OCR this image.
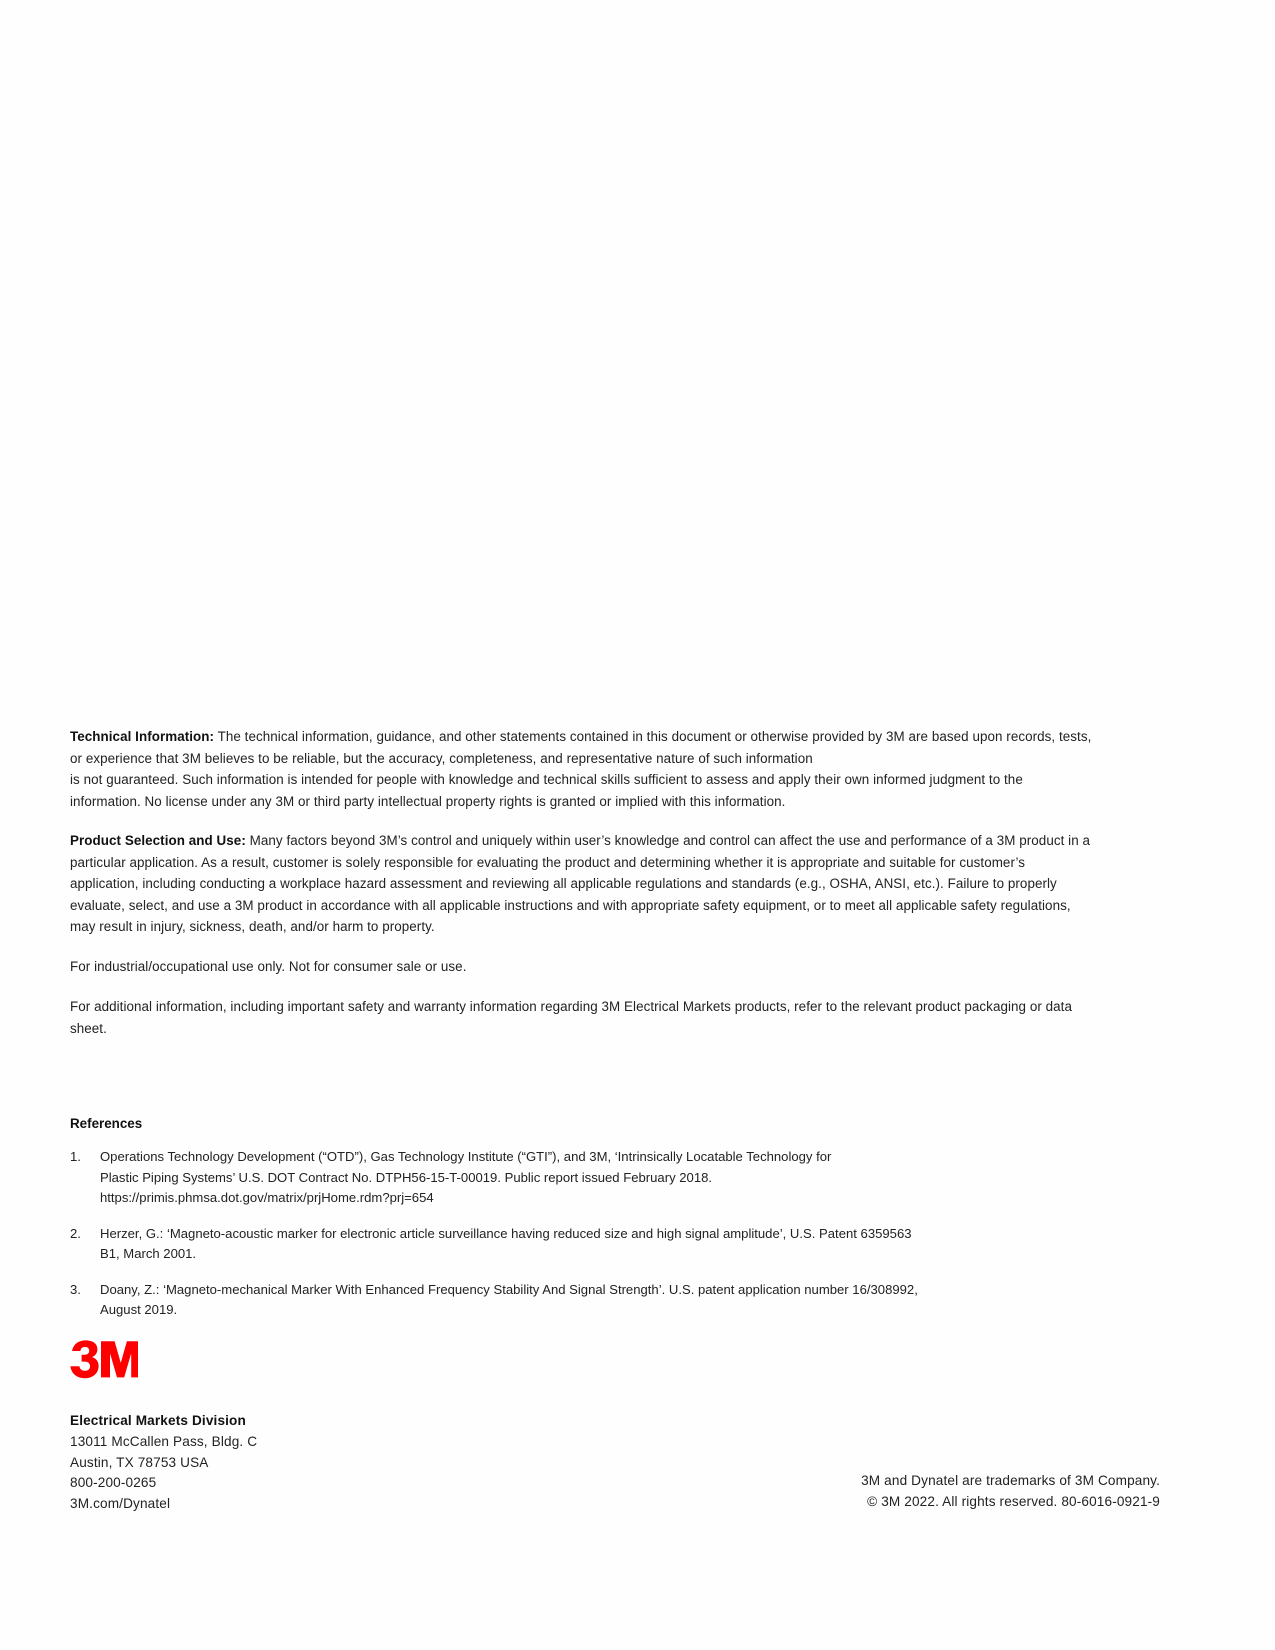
Technical Information: The technical information, guidance, and other statements contained in this document or otherwise provided by 3M are based upon records, tests, or experience that 3M believes to be reliable, but the accuracy, completeness, and representative nature of such information
is not guaranteed. Such information is intended for people with knowledge and technical skills sufficient to assess and apply their own informed judgment to the information. No license under any 3M or third party intellectual property rights is granted or implied with this information.

Product Selection and Use: Many factors beyond 3M’s control and uniquely within user’s knowledge and control can affect the use and performance of a 3M product in a particular application. As a result, customer is solely responsible for evaluating the product and determining whether it is appropriate and suitable for customer’s application, including conducting a workplace hazard assessment and reviewing all applicable regulations and standards (e.g., OSHA, ANSI, etc.). Failure to properly evaluate, select, and use a 3M product in accordance with all applicable instructions and with appropriate safety equipment, or to meet all applicable safety regulations, may result in injury, sickness, death, and/or harm to property.

For industrial/occupational use only. Not for consumer sale or use.

For additional information, including important safety and warranty information regarding 3M Electrical Markets products, refer to the relevant product packaging or data sheet.

References
1.	Operations Technology Development (“OTD”), Gas Technology Institute (“GTI”), and 3M, ‘Intrinsically Locatable Technology for
Plastic Piping Systems’ U.S. DOT Contract No. DTPH56-15-T-00019. Public report issued February 2018.
https://primis.phmsa.dot.gov/matrix/prjHome.rdm?prj=654
2.	Herzer, G.: ‘Magneto-acoustic marker for electronic article surveillance having reduced size and high signal amplitude’, U.S. Patent 6359563
B1, March 2001.
3.	Doany, Z.: ‘Magneto-mechanical Marker With Enhanced Frequency Stability And Signal Strength’. U.S. patent application number 16/308992,
August 2019.
Electrical Markets Division
13011 McCallen Pass, Bldg. C
Austin, TX 78753 USA
800-200-0265
3M.com/Dynatel
3M and Dynatel are trademarks of 3M Company.
© 3M 2022. All rights reserved. 80-6016-0921-9
